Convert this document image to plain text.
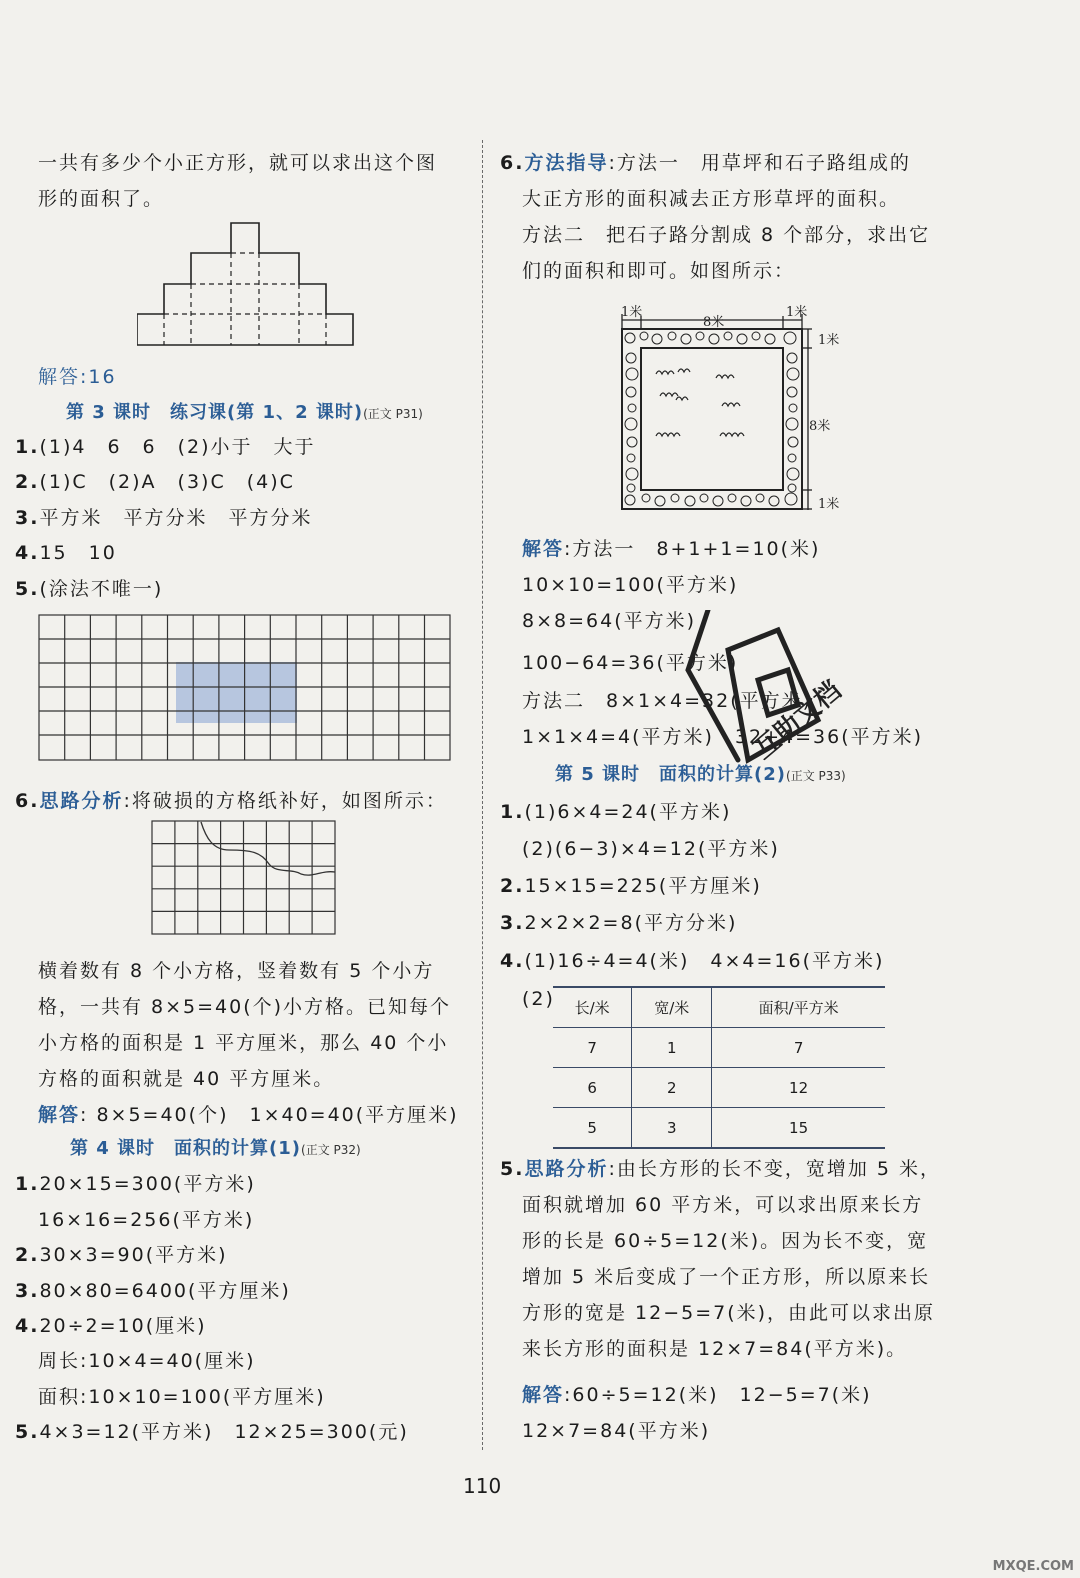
一共有多少个小正方形，就可以求出这个图
形的面积了。
解答:16
第 3 课时　练习课(第 1、2 课时)(正文 P31)
1.(1)4　6　6　(2)小于　大于
2.(1)C　(2)A　(3)C　(4)C
3.平方米　平方分米　平方分米
4.15　10
5.(涂法不唯一)
6.思路分析:将破损的方格纸补好，如图所示：
横着数有 8 个小方格，竖着数有 5 个小方
格，一共有 8×5=40(个)小方格。已知每个
小方格的面积是 1 平方厘米，那么 40 个小
方格的面积就是 40 平方厘米。
解答: 8×5=40(个)　1×40=40(平方厘米)
第 4 课时　面积的计算(1)(正文 P32)
1.20×15=300(平方米)
16×16=256(平方米)
2.30×3=90(平方米)
3.80×80=6400(平方厘米)
4.20÷2=10(厘米)
周长:10×4=40(厘米)
面积:10×10=100(平方厘米)
5.4×3=12(平方米)　12×25=300(元)
6.方法指导:方法一　用草坪和石子路组成的
大正方形的面积减去正方形草坪的面积。
方法二　把石子路分割成 8 个部分，求出它
们的面积和即可。如图所示：
1米
8米
1米
1米
8米
1米
解答:方法一　8+1+1=10(米)
10×10=100(平方米)
8×8=64(平方米)
100−64=36(平方米)
方法二　8×1×4=32(平方米)
1×1×4=4(平方米)　32+4=36(平方米)
互助文档
第 5 课时　面积的计算(2)(正文 P33)
1.(1)6×4=24(平方米)
(2)(6−3)×4=12(平方米)
2.15×15=225(平方厘米)
3.2×2×2=8(平方分米)
4.(1)16÷4=4(米)　4×4=16(平方米)
(2) 长/米	宽/米	面积/平方米
7	1	7
6	2	12
5	3	15
5.思路分析:由长方形的长不变，宽增加 5 米，
面积就增加 60 平方米，可以求出原来长方
形的长是 60÷5=12(米)。因为长不变，宽
增加 5 米后变成了一个正方形，所以原来长
方形的宽是 12−5=7(米)，由此可以求出原
来长方形的面积是 12×7=84(平方米)。
解答:60÷5=12(米)　12−5=7(米)
12×7=84(平方米)
110
MXQE.COM
